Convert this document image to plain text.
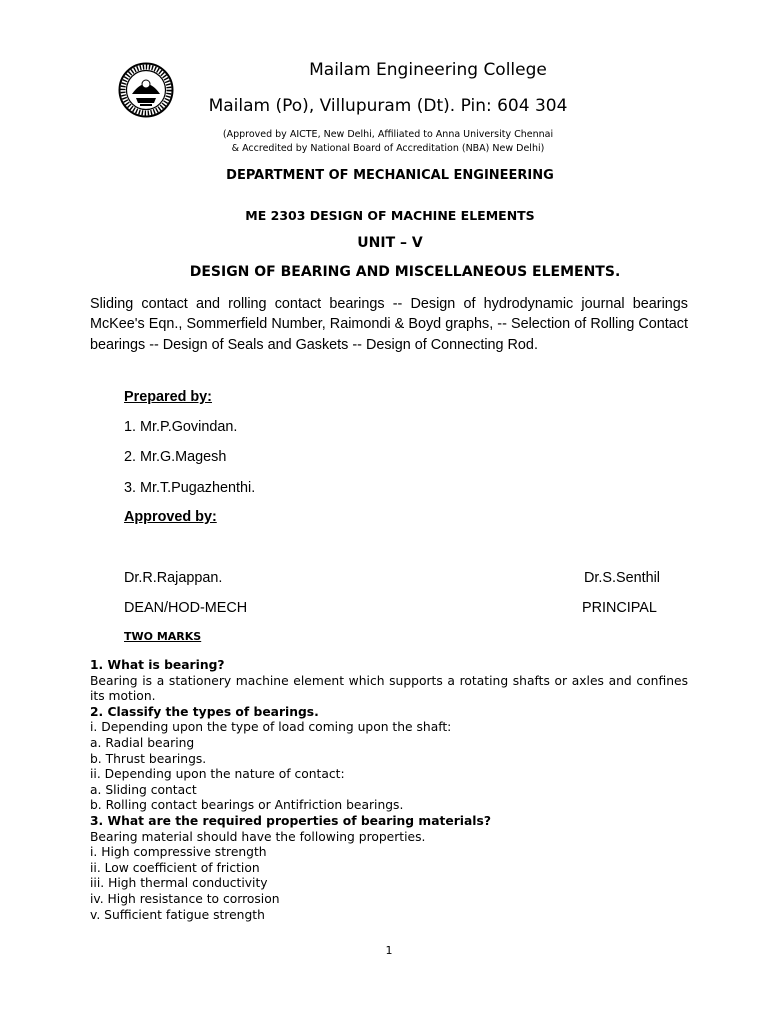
Mailam Engineering College
Mailam (Po), Villupuram (Dt). Pin: 604 304
(Approved by AICTE, New Delhi, Affiliated to Anna University Chennai
& Accredited by National Board of Accreditation (NBA) New Delhi)
DEPARTMENT OF MECHANICAL ENGINEERING
ME 2303 DESIGN OF MACHINE ELEMENTS
UNIT – V
DESIGN OF BEARING AND MISCELLANEOUS ELEMENTS.
Sliding contact and rolling contact bearings -- Design of hydrodynamic journal bearings McKee's Eqn., Sommerfield Number, Raimondi & Boyd graphs, -- Selection of Rolling Contact bearings -- Design of Seals and Gaskets -- Design of Connecting Rod.
Prepared by:
1. Mr.P.Govindan.
2. Mr.G.Magesh
3. Mr.T.Pugazhenthi.
Approved by:
Dr.R.Rajappan.
DEAN/HOD-MECH
Dr.S.Senthil
PRINCIPAL
TWO MARKS
1. What is bearing?
Bearing is a stationery machine element which supports a rotating shafts or axles and confines its motion.
2. Classify the types of bearings.
i. Depending upon the type of load coming upon the shaft:
a. Radial bearing
b. Thrust bearings.
ii. Depending upon the nature of contact:
a. Sliding contact
b. Rolling contact bearings or Antifriction bearings.
3. What are the required properties of bearing materials?
Bearing material should have the following properties.
i. High compressive strength
ii. Low coefficient of friction
iii. High thermal conductivity
iv. High resistance to corrosion
v. Sufficient fatigue strength
1
